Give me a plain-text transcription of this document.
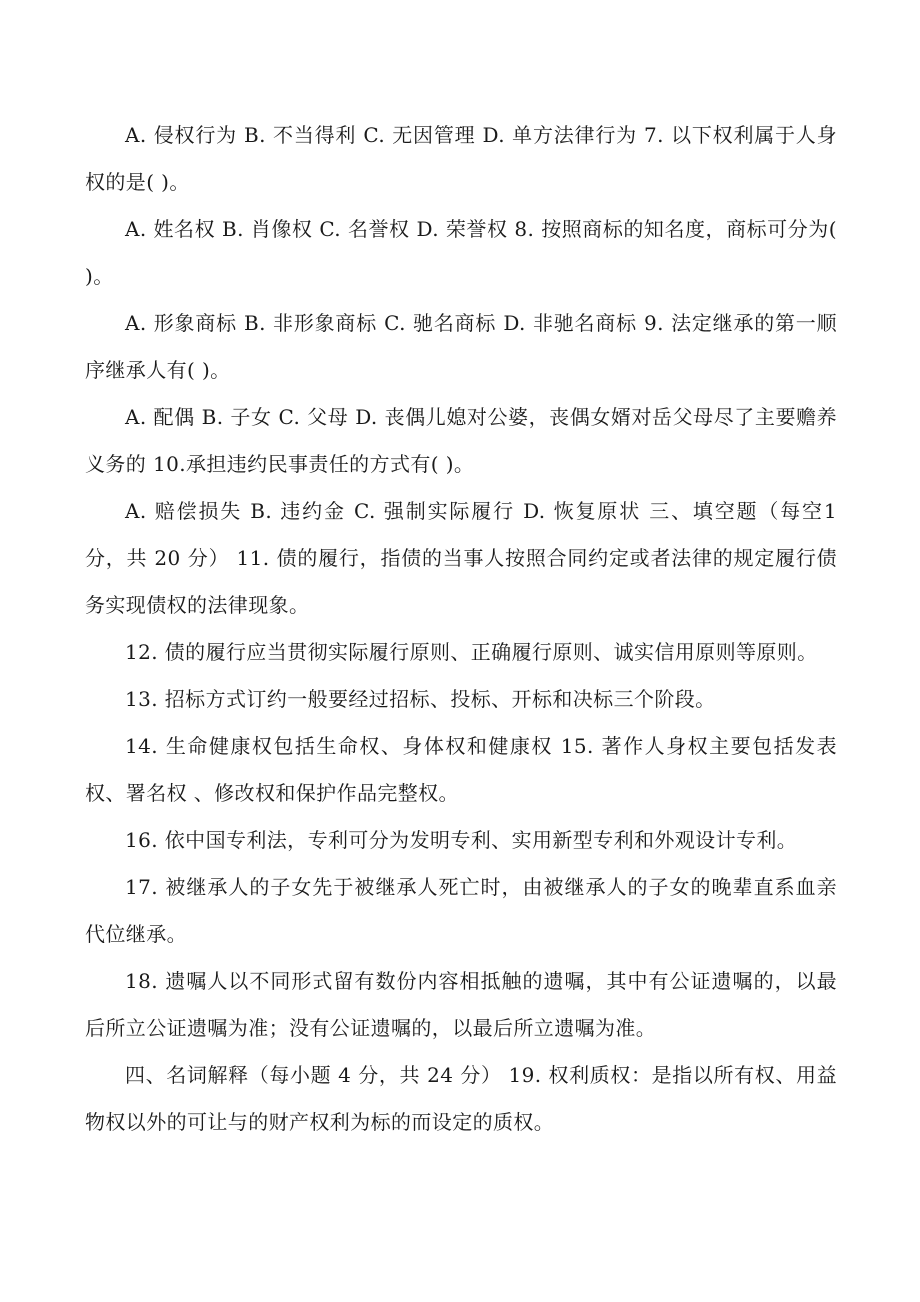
A. 侵权行为 B. 不当得利 C. 无因管理 D. 单方法律行为 7. 以下权利属于人身权的是( )。

A. 姓名权 B. 肖像权 C. 名誉权 D. 荣誉权 8. 按照商标的知名度，商标可分为( )。

A. 形象商标 B. 非形象商标 C. 驰名商标 D. 非驰名商标 9. 法定继承的第一顺序继承人有( )。

A. 配偶 B. 子女 C. 父母 D. 丧偶儿媳对公婆，丧偶女婿对岳父母尽了主要赡养义务的 10.承担违约民事责任的方式有( )。

A. 赔偿损失 B. 违约金 C. 强制实际履行 D. 恢复原状 三、填空题（每空1 分，共 20 分） 11. 债的履行，指债的当事人按照合同约定或者法律的规定履行债务实现债权的法律现象。

12. 债的履行应当贯彻实际履行原则、正确履行原则、诚实信用原则等原则。

13. 招标方式订约一般要经过招标、投标、开标和决标三个阶段。

14. 生命健康权包括生命权、身体权和健康权 15. 著作人身权主要包括发表权、署名权 、修改权和保护作品完整权。

16. 依中国专利法，专利可分为发明专利、实用新型专利和外观设计专利。

17. 被继承人的子女先于被继承人死亡时，由被继承人的子女的晚辈直系血亲代位继承。

18. 遗嘱人以不同形式留有数份内容相抵触的遗嘱，其中有公证遗嘱的，以最后所立公证遗嘱为准；没有公证遗嘱的，以最后所立遗嘱为准。

四、名词解释（每小题 4 分，共 24 分） 19. 权利质权：是指以所有权、用益物权以外的可让与的财产权利为标的而设定的质权。
